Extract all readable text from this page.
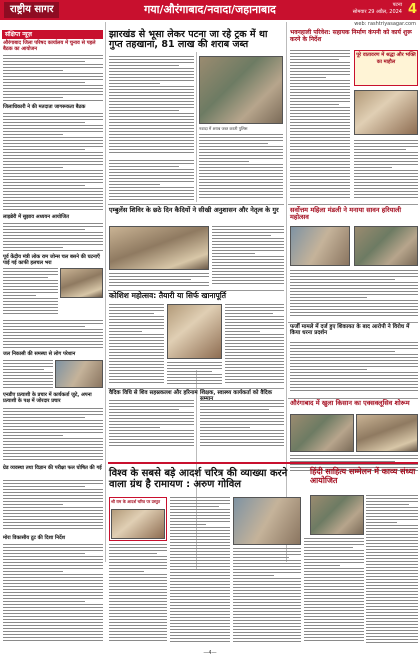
राष्ट्रीय सागर	गया/औरंगाबाद/नवादा/जहानाबाद	पटना
सोमवार 29 अप्रैल, 2024 4
web: rashtriyasagar.com
संक्षिप्त न्यूज़
औरंगाबाद जिला परिषद कार्यालय में चुनाव से पहले बैठक का आयोजन
जिलाधिकारी ने की मतदाता जागरूकता बैठक
लाइब्रेरी में सुझाव अध्ययन आयोजित
पूर्व केंद्रीय मंत्री लोक राम जोन्स चल बसने की घटनाएँ पाई गई काफी हलचल भरा
जल निकासी की समस्या से लोग परेशान
एनडीए प्रत्याशी के प्रचार में कार्यकर्ता जुटे, अपना प्रत्याशी के पक्ष में जोरदार प्रचार
ग्रेड व्यवस्था तथा विज्ञान की परीक्षा फल घोषित की गई
मोरा विकासीय टूट की दिशा निर्देश
झारखंड से भूसा लेकर पटना जा रहे ट्रक में था गुप्त तहखाना, 81 लाख की शराब जब्त
नवादा में शराब जब्त करती पुलिस
भवनहाली परिवेश: सहायक निर्माण कंपनी को कार्य शुरू करने के निर्देश
पूरे वातावरण में श्रद्धा और भक्ति का माहौल
एम्बुलेंस शिविर के छठे दिन कैदियों ने सीखी अनुशासन और नेतृत्व के गुर	सर्वोत्तम महिला मंडली ने मनाया सावन हरियाली महोत्सव
कोशिश महोत्सव: तैयारी या सिर्फ खानापूर्ति
फर्जी मामले में दर्ज हुए शिकायत के बाद आरोपी ने विरोध में किया धरना प्रदर्शन
वैदिक विधि से शिव सहस्रकलश और हरिनाम शिक्षक, स्वास्थ्य कार्यकर्ता को वैदिक
औरंगाबाद में खुला किसान का एक्सक्लूसिव शोरूम
विश्व के सबसे बड़े आदर्श चरित्र की व्याख्या करने वाला ग्रंथ है रामायण : अरुण गोविल
हिंदी साहित्य सम्मेलन में काव्य संध्या आयोजित
श्री राम के आदर्श चरित्र पर प्रस्तुत
—4—
